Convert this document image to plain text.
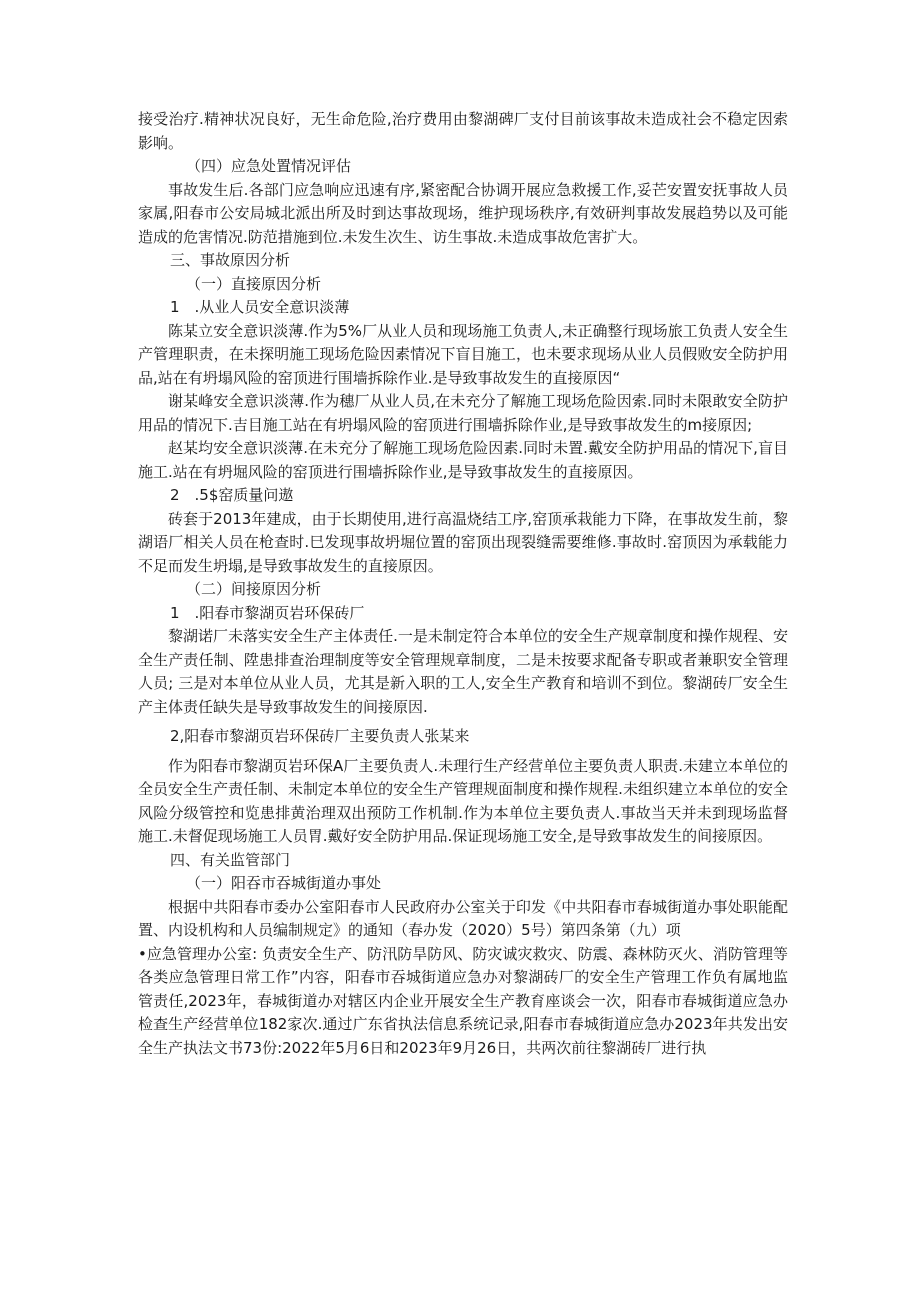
接受治疗.精神状况良好，无生命危险,治疗费用由黎湖碑厂支付目前该事故未造成社会不稳定因索影响。

（四）应急处置情况评估

事故发生后.各部门应急响应迅速有序,紧密配合协调开展应急救援工作,妥芒安置安抚事故人员家属,阳春市公安局城北派出所及时到达事故现场，维护现场秩序,有效研判事故发展趋势以及可能造成的危害情况.防范措施到位.未发生次生、访生事故.未造成事故危害扩大。

三、事故原因分析

（一）直接原因分析

1　.从业人员安全意识淡薄

陈某立安全意识淡薄.作为5%厂从业人员和现场施工负责人,未正确整行现场旅工负责人安全生产管理职责，在未探明施工现场危险因素情况下盲目施工，也未要求现场从业人员假败安全防护用品,站在有坍塌风险的窑顶进行围墙拆除作业.是导致事故发生的直接原因“

谢某峰安全意识淡薄.作为穗厂从业人员,在未充分了解施工现场危险因索.同时未限敢安全防护用品的情况下.吉目施工站在有坍塌风险的窑顶进行围墙拆除作业,是导致事故发生的m接原因;

赵某均安全意识淡薄.在未充分了解施工现场危险因素.同时未置.戴安全防护用品的情况下,盲目施工.站在有坍堀风险的窑顶进行围墙拆除作业,是导致事故发生的直接原因。

2　.5$窑质量问遨

砖套于2013年建成，由于长期使用,进行高温烧结工序,窑顶承栽能力下降，在事故发生前，黎湖语厂相关人员在枪查时.巳发现事故坍堀位置的窑顶出现裂缝需要维修.事故时.窑顶因为承载能力不足而发生坍塌,是导致事故发生的直接原因。

（二）间接原因分析

1　.阳春市黎湖页岩环保砖厂

黎湖诺厂未落实安全生产主体责任.一是未制定符合本单位的安全生产规章制度和操作规程、安全生产责任制、陞患排查治理制度等安全管理规章制度，二是未按要求配备专职或者兼职安全管理人员; 三是对本单位从业人员，尤其是新入职的工人,安全生产教育和培训不到位。黎湖砖厂安全生产主体责任缺失是导致事故发生的间接原因.

2,阳春市黎湖页岩环保砖厂主要负责人张某来

作为阳春市黎湖页岩环保A厂主要负责人.未理行生产经营单位主要负责人职责.未建立本单位的全员安全生产责任制、未制定本单位的安全生产管理规面制度和操作规程.未组织建立本单位的安全风险分级管控和览患排黄治理双出预防工作机制.作为本单位主要负责人.事故当天并未到现场监督施工.未督促现场施工人员胃.戴好安全防护用品.保证现场施工安全,是导致事故发生的间接原因。

四、有关监管部门

（一）阳吞市吞城街道办事处

根据中共阳春市委办公室阳春市人民政府办公室关于印发《中共阳春市春城街道办事处职能配置、内设机构和人员编制规定》的通知（春办发（2020）5号）第四条第（九）项

•应急管理办公室: 负责安全生产、防汛防旱防风、防灾诚灾救灾、防震、森林防灭火、消防管理等各类应急管理日常工作”内容，阳春市吞城街道应急办对黎湖砖厂的安全生产管理工作负有属地监管责任,2023年，春城街道办对辖区内企业开展安全生产教育座谈会一次，阳春市春城街道应急办检查生产经营单位182家次.通过广东省执法信息系统记录,阳春市春城街道应急办2023年共发出安全生产执法文书73份:2022年5月6日和2023年9月26日，共两次前往黎湖砖厂进行执
